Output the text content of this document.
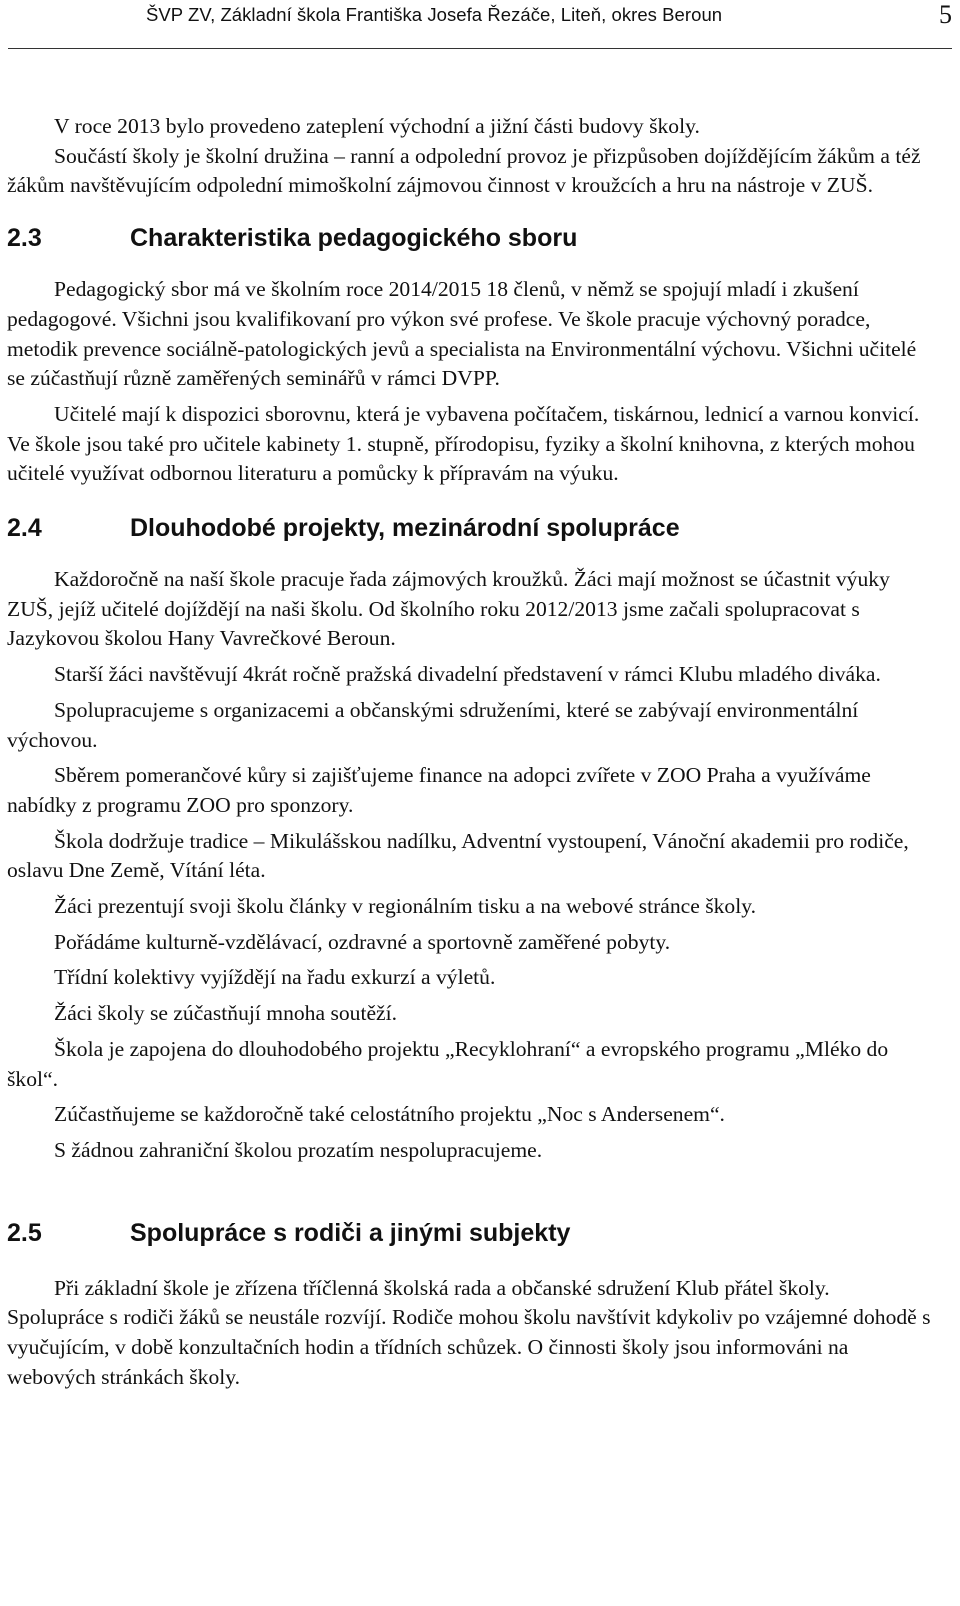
ŠVP ZV, Základní škola Františka Josefa Řezáče, Liteň, okres Beroun	5

V roce 2013 bylo provedeno zateplení východní a jižní části budovy školy.

Součástí školy je školní družina – ranní a odpolední provoz je přizpůsoben dojíždějícím žákům a též žákům navštěvujícím odpolední mimoškolní zájmovou činnost v kroužcích a hru na nástroje v ZUŠ.

2.3	Charakteristika pedagogického sboru

Pedagogický sbor má ve školním roce 2014/2015 18 členů, v němž se spojují mladí i zkušení pedagogové. Všichni jsou kvalifikovaní pro výkon své profese. Ve škole pracuje výchovný poradce, metodik prevence sociálně-patologických jevů a specialista na Environmentální výchovu. Všichni učitelé se zúčastňují různě zaměřených seminářů v rámci DVPP.

Učitelé mají k dispozici sborovnu, která je vybavena počítačem, tiskárnou, lednicí a varnou konvicí. Ve škole jsou také pro učitele kabinety 1. stupně, přírodopisu, fyziky a školní knihovna, z kterých mohou učitelé využívat odbornou literaturu a pomůcky k přípravám na výuku.

2.4	Dlouhodobé projekty, mezinárodní spolupráce

Každoročně na naší škole pracuje řada zájmových kroužků. Žáci mají možnost se účastnit výuky ZUŠ, jejíž učitelé dojíždějí na naši školu. Od školního roku 2012/2013 jsme začali spolupracovat s Jazykovou školou Hany Vavrečkové Beroun.

Starší žáci navštěvují 4krát ročně pražská divadelní představení v rámci Klubu mladého diváka.

Spolupracujeme s organizacemi a občanskými sdruženími, které se zabývají environmentální výchovou.

Sběrem pomerančové kůry si zajišťujeme finance na adopci zvířete v ZOO Praha a využíváme nabídky z programu ZOO pro sponzory.

Škola dodržuje tradice – Mikulášskou nadílku, Adventní vystoupení, Vánoční akademii pro rodiče, oslavu Dne Země, Vítání léta.

Žáci prezentují svoji školu články v regionálním tisku a na webové stránce školy.

Pořádáme kulturně-vzdělávací, ozdravné a sportovně zaměřené pobyty.

Třídní kolektivy vyjíždějí na řadu exkurzí a výletů.

Žáci školy se zúčastňují mnoha soutěží.

Škola je zapojena do dlouhodobého projektu „Recyklohraní“ a evropského programu „Mléko do škol“.

Zúčastňujeme se každoročně také celostátního projektu „Noc s Andersenem“.

S žádnou zahraniční školou prozatím nespolupracujeme.

2.5	Spolupráce s rodiči a jinými subjekty

Při základní škole je zřízena tříčlenná školská rada a občanské sdružení Klub přátel školy. Spolupráce s rodiči žáků se neustále rozvíjí. Rodiče mohou školu navštívit kdykoliv po vzájemné dohodě s vyučujícím, v době konzultačních hodin a třídních schůzek. O činnosti školy jsou informováni na webových stránkách školy.
